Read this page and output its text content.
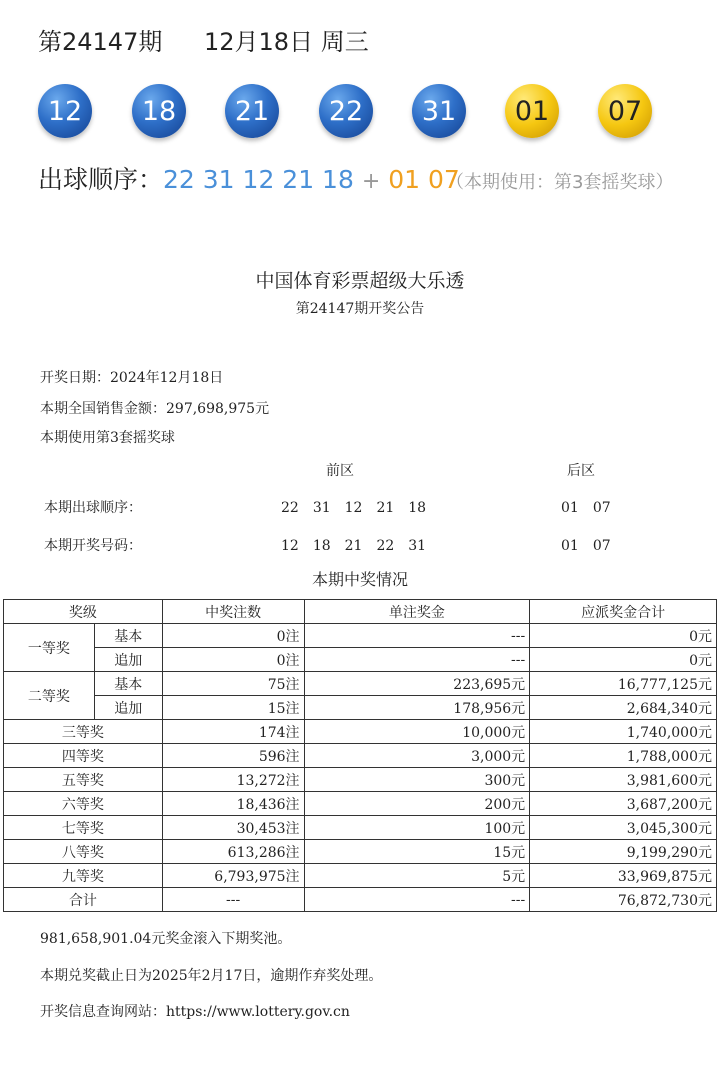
第24147期 12月18日 周三
12	18	21	22	31	01	07
出球顺序：22 31 12 21 18 + 01 07
（本期使用：第3套摇奖球）
中国体育彩票超级大乐透
第24147期开奖公告
开奖日期：2024年12月18日
本期全国销售金额：297,698,975元
本期使用第3套摇奖球
前区	后区
本期出球顺序：	22　31　12　21　18	01　07
本期开奖号码：	12　18　21　22　31	01　07
本期中奖情况
奖级		中奖注数	单注奖金	应派奖金合计
一等奖	基本	0注	---	0元
	追加	0注	---	0元
二等奖	基本	75注	223,695元	16,777,125元
	追加	15注	178,956元	2,684,340元
三等奖		174注	10,000元	1,740,000元
四等奖		596注	3,000元	1,788,000元
五等奖		13,272注	300元	3,981,600元
六等奖		18,436注	200元	3,687,200元
七等奖		30,453注	100元	3,045,300元
八等奖		613,286注	15元	9,199,290元
九等奖		6,793,975注	5元	33,969,875元
合计		---	---	76,872,730元
981,658,901.04元奖金滚入下期奖池。
本期兑奖截止日为2025年2月17日，逾期作弃奖处理。
开奖信息查询网站：https://www.lottery.gov.cn
